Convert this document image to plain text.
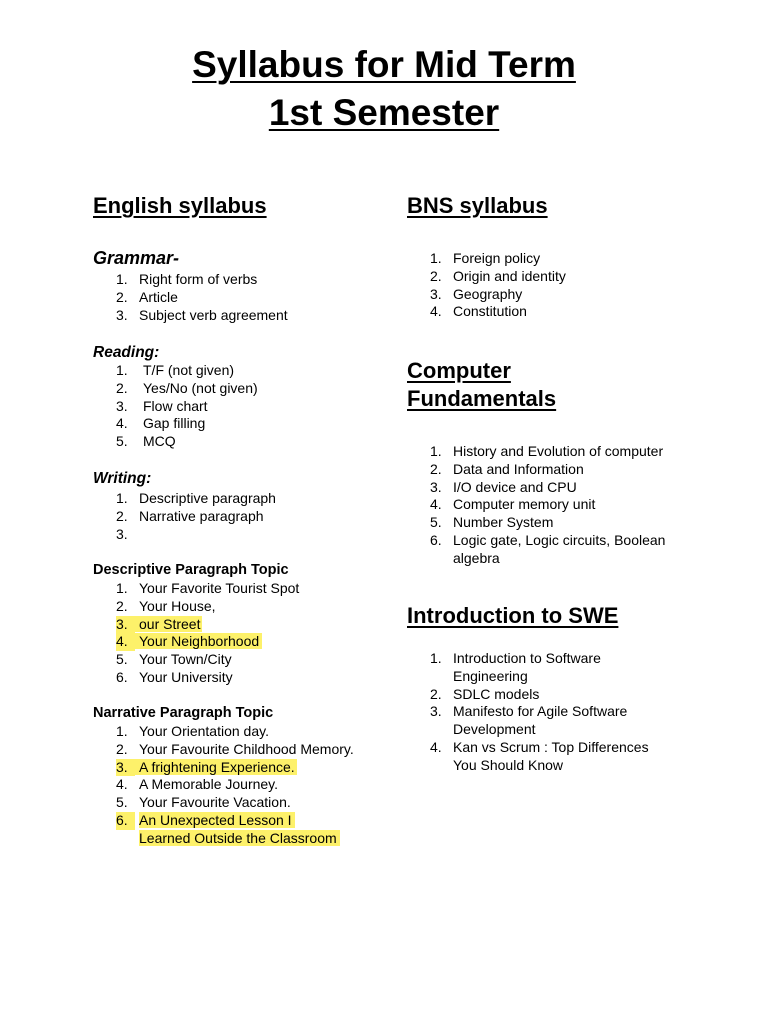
Syllabus for Mid Term
1st Semester
English syllabus
Grammar-
1. Right form of verbs
2. Article
3. Subject verb agreement
Reading:
1. T/F (not given)
2. Yes/No (not given)
3. Flow chart
4. Gap filling
5. MCQ
Writing:
1. Descriptive paragraph
2. Narrative paragraph
3.
Descriptive Paragraph Topic
1. Your Favorite Tourist Spot
2. Your House,
3. our Street
4. Your Neighborhood
5. Your Town/City
6. Your University
Narrative Paragraph Topic
1. Your Orientation day.
2. Your Favourite Childhood Memory.
3. A frightening Experience.
4. A Memorable Journey.
5. Your Favourite Vacation.
6. An Unexpected Lesson I Learned Outside the Classroom
BNS syllabus
1. Foreign policy
2. Origin and identity
3. Geography
4. Constitution
Computer
Fundamentals
1. History and Evolution of computer
2. Data and Information
3. I/O device and CPU
4. Computer memory unit
5. Number System
6. Logic gate, Logic circuits, Boolean algebra
Introduction to SWE
1. Introduction to Software Engineering
2. SDLC models
3. Manifesto for Agile Software Development
4. Kan vs Scrum : Top Differences You Should Know
